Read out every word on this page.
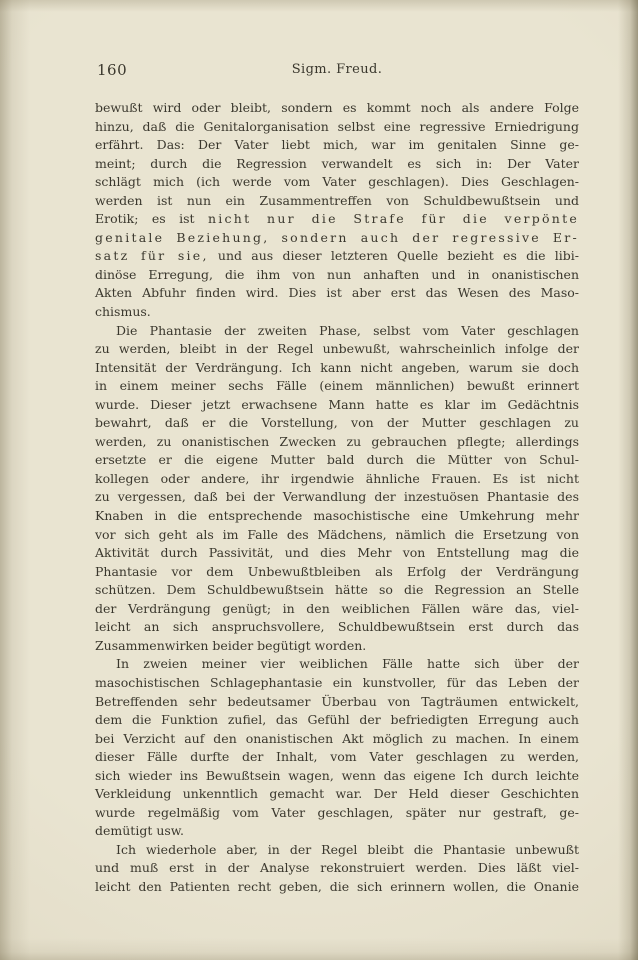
160	Sigm. Freud.
bewußt wird oder bleibt, sondern es kommt noch als andere Folge
hinzu, daß die Genitalorganisation selbst eine regressive Erniedrigung
erfährt. Das: Der Vater liebt mich, war im genitalen Sinne ge-
meint; durch die Regression verwandelt es sich in: Der Vater
schlägt mich (ich werde vom Vater geschlagen). Dies Geschlagen-
werden ist nun ein Zusammentreffen von Schuldbewußtsein und
Erotik; es ist nicht nur die Strafe für die verpönte
genitale Beziehung, sondern auch der regressive Er-
satz für sie, und aus dieser letzteren Quelle bezieht es die libi-
dinöse Erregung, die ihm von nun anhaften und in onanistischen
Akten Abfuhr finden wird. Dies ist aber erst das Wesen des Maso-
chismus.
Die Phantasie der zweiten Phase, selbst vom Vater geschlagen
zu werden, bleibt in der Regel unbewußt, wahrscheinlich infolge der
Intensität der Verdrängung. Ich kann nicht angeben, warum sie doch
in einem meiner sechs Fälle (einem männlichen) bewußt erinnert
wurde. Dieser jetzt erwachsene Mann hatte es klar im Gedächtnis
bewahrt, daß er die Vorstellung, von der Mutter geschlagen zu
werden, zu onanistischen Zwecken zu gebrauchen pflegte; allerdings
ersetzte er die eigene Mutter bald durch die Mütter von Schul-
kollegen oder andere, ihr irgendwie ähnliche Frauen. Es ist nicht
zu vergessen, daß bei der Verwandlung der inzestuösen Phantasie des
Knaben in die entsprechende masochistische eine Umkehrung mehr
vor sich geht als im Falle des Mädchens, nämlich die Ersetzung von
Aktivität durch Passivität, und dies Mehr von Entstellung mag die
Phantasie vor dem Unbewußtbleiben als Erfolg der Verdrängung
schützen. Dem Schuldbewußtsein hätte so die Regression an Stelle
der Verdrängung genügt; in den weiblichen Fällen wäre das, viel-
leicht an sich anspruchsvollere, Schuldbewußtsein erst durch das
Zusammenwirken beider begütigt worden.
In zweien meiner vier weiblichen Fälle hatte sich über der
masochistischen Schlagephantasie ein kunstvoller, für das Leben der
Betreffenden sehr bedeutsamer Überbau von Tagträumen entwickelt,
dem die Funktion zufiel, das Gefühl der befriedigten Erregung auch
bei Verzicht auf den onanistischen Akt möglich zu machen. In einem
dieser Fälle durfte der Inhalt, vom Vater geschlagen zu werden,
sich wieder ins Bewußtsein wagen, wenn das eigene Ich durch leichte
Verkleidung unkenntlich gemacht war. Der Held dieser Geschichten
wurde regelmäßig vom Vater geschlagen, später nur gestraft, ge-
demütigt usw.
Ich wiederhole aber, in der Regel bleibt die Phantasie unbewußt
und muß erst in der Analyse rekonstruiert werden. Dies läßt viel-
leicht den Patienten recht geben, die sich erinnern wollen, die Onanie
